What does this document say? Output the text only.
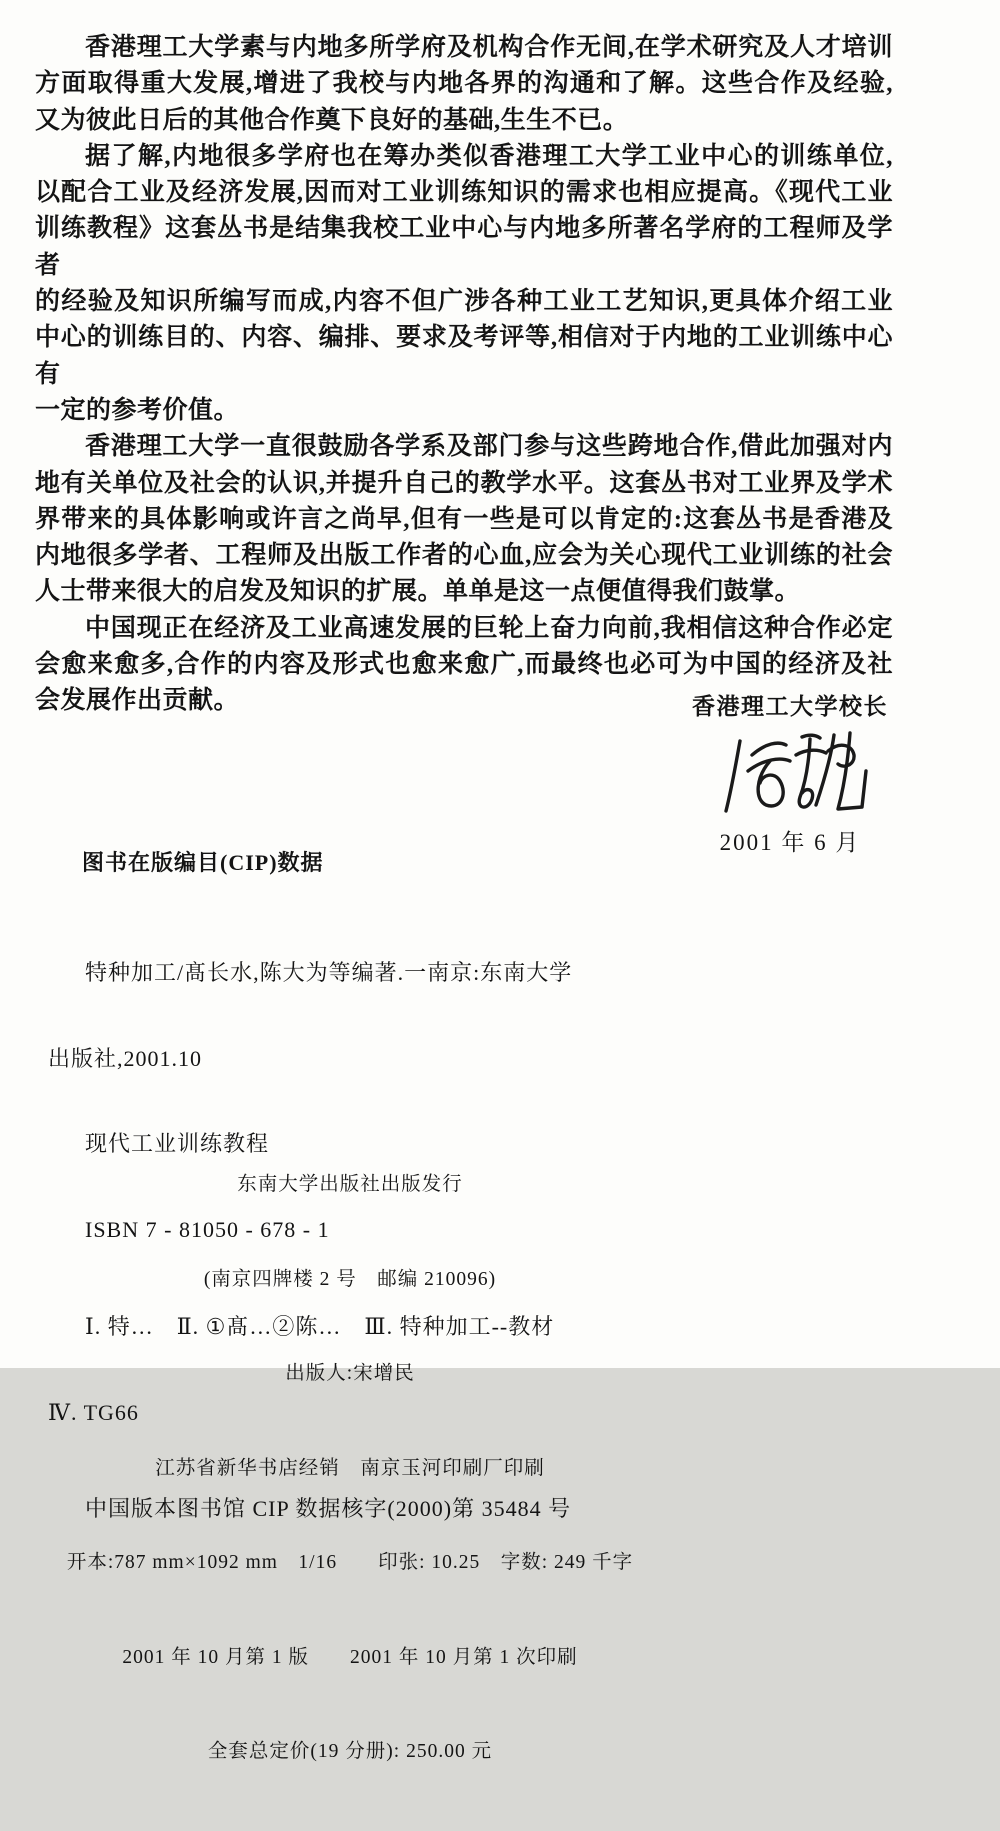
香港理工大学素与内地多所学府及机构合作无间,在学术研究及人才培训
方面取得重大发展,增进了我校与内地各界的沟通和了解。这些合作及经验,
又为彼此日后的其他合作奠下良好的基础,生生不已。
据了解,内地很多学府也在筹办类似香港理工大学工业中心的训练单位,
以配合工业及经济发展,因而对工业训练知识的需求也相应提高。《现代工业
训练教程》这套丛书是结集我校工业中心与内地多所著名学府的工程师及学者
的经验及知识所编写而成,内容不但广涉各种工业工艺知识,更具体介绍工业
中心的训练目的、内容、编排、要求及考评等,相信对于内地的工业训练中心有
一定的参考价值。
香港理工大学一直很鼓励各学系及部门参与这些跨地合作,借此加强对内
地有关单位及社会的认识,并提升自己的教学水平。这套丛书对工业界及学术
界带来的具体影响或许言之尚早,但有一些是可以肯定的:这套丛书是香港及
内地很多学者、工程师及出版工作者的心血,应会为关心现代工业训练的社会
人士带来很大的启发及知识的扩展。单单是这一点便值得我们鼓掌。
中国现正在经济及工业高速发展的巨轮上奋力向前,我相信这种合作必定
会愈来愈多,合作的内容及形式也愈来愈广,而最终也必可为中国的经济及社
会发展作出贡献。	香港理工大学校长
2001 年 6 月

图书在版编目(CIP)数据

特种加工/髙长水,陈大为等编著.一南京:东南大学

出版社,2001.10

现代工业训练教程

ISBN 7 - 81050 - 678 - 1

Ⅰ. 特…　Ⅱ. ①髙…②陈…　Ⅲ. 特种加工--教材

Ⅳ. TG66

中国版本图书馆 CIP 数据核字(2000)第 35484 号

东南大学出版社出版发行

(南京四牌楼 2 号　邮编 210096)

出版人:宋增民

江苏省新华书店经销　南京玉河印刷厂印刷

开本:787 mm×1092 mm　1/16　　印张: 10.25　字数: 249 千字

2001 年 10 月第 1 版　　2001 年 10 月第 1 次印刷

全套总定价(19 分册): 250.00 元
